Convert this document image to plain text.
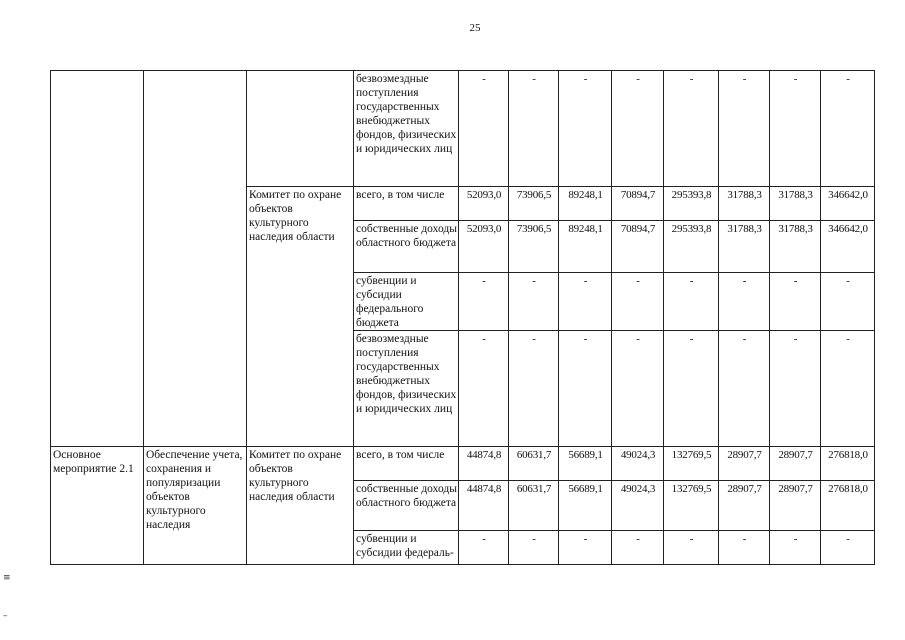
25
			безвозмездные поступления государственных внебюджетных фондов, физических и юридических лиц	-	-	-	-	-	-	-	-
		Комитет по охране объектов культурного наследия области	всего, в том числе	52093,0	73906,5	89248,1	70894,7	295393,8	31788,3	31788,3	346642,0
			собственные доходы областного бюджета	52093,0	73906,5	89248,1	70894,7	295393,8	31788,3	31788,3	346642,0
			субвенции и субсидии федерального бюджета	-	-	-	-	-	-	-	-
			безвозмездные поступления государственных внебюджетных фондов, физических и юридических лиц	-	-	-	-	-	-	-	-
Основное мероприятие 2.1	Обеспечение учета, сохранения и популяризации объектов культурного наследия	Комитет по охране объектов культурного наследия области	всего, в том числе	44874,8	60631,7	56689,1	49024,3	132769,5	28907,7	28907,7	276818,0
			собственные доходы областного бюджета	44874,8	60631,7	56689,1	49024,3	132769,5	28907,7	28907,7	276818,0
			субвенции и субсидии федераль-	-	-	-	-	-	-	-	-
≡
–
